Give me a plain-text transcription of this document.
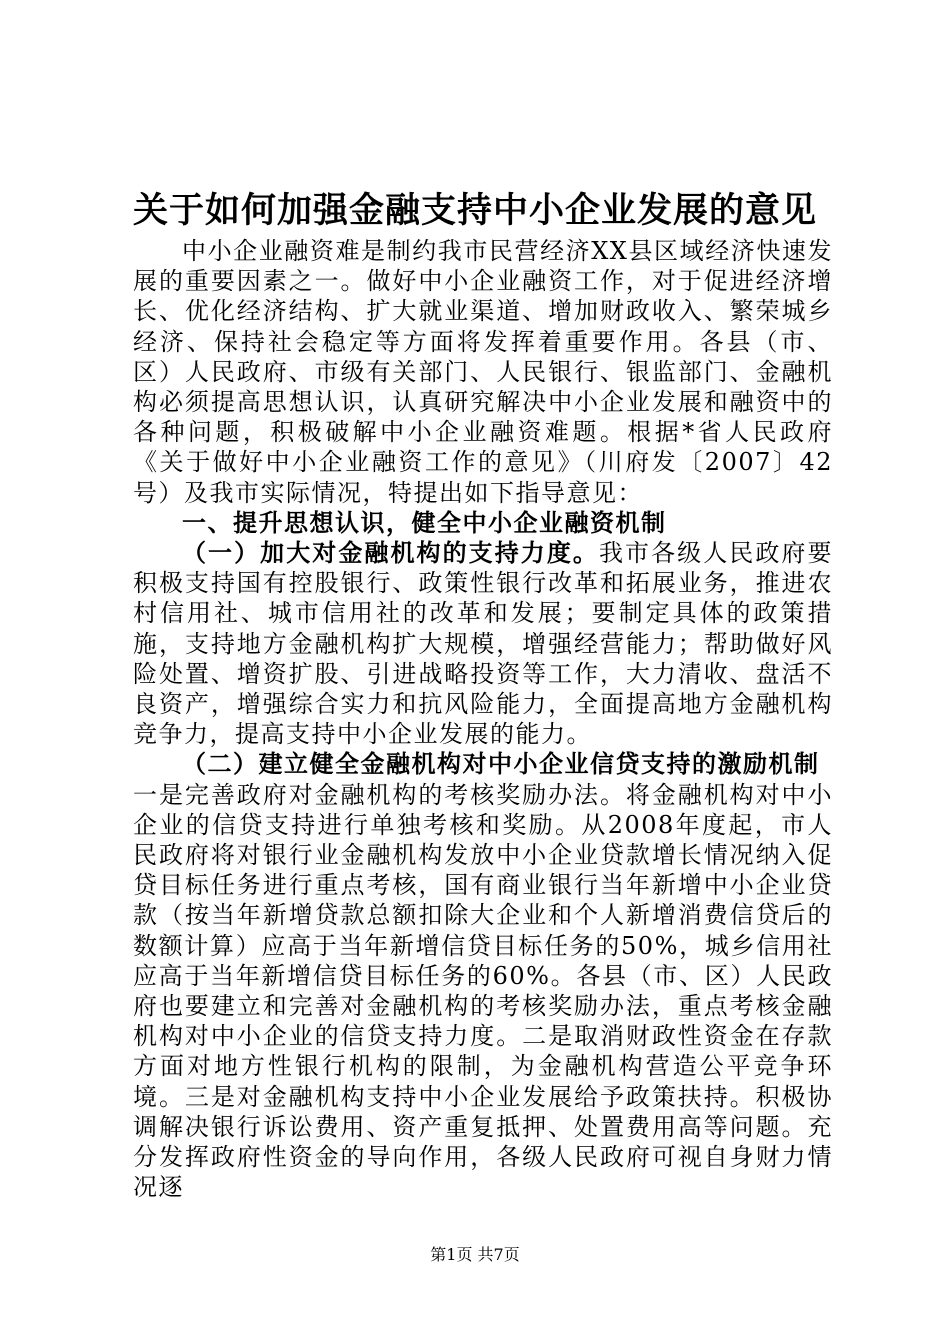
关于如何加强金融支持中小企业发展的意见

中小企业融资难是制约我市民营经济XX县区域经济快速发展的重要因素之一。做好中小企业融资工作，对于促进经济增长、优化经济结构、扩大就业渠道、增加财政收入、繁荣城乡经济、保持社会稳定等方面将发挥着重要作用。各县（市、区）人民政府、市级有关部门、人民银行、银监部门、金融机构必须提高思想认识，认真研究解决中小企业发展和融资中的各种问题，积极破解中小企业融资难题。根据*省人民政府《关于做好中小企业融资工作的意见》（川府发〔2007〕42号）及我市实际情况，特提出如下指导意见：

一、提升思想认识，健全中小企业融资机制

（一）加大对金融机构的支持力度。我市各级人民政府要积极支持国有控股银行、政策性银行改革和拓展业务，推进农村信用社、城市信用社的改革和发展；要制定具体的政策措施，支持地方金融机构扩大规模，增强经营能力；帮助做好风险处置、增资扩股、引进战略投资等工作，大力清收、盘活不良资产，增强综合实力和抗风险能力，全面提高地方金融机构竞争力，提高支持中小企业发展的能力。

（二）建立健全金融机构对中小企业信贷支持的激励机制

一是完善政府对金融机构的考核奖励办法。将金融机构对中小企业的信贷支持进行单独考核和奖励。从2008年度起，市人民政府将对银行业金融机构发放中小企业贷款增长情况纳入促贷目标任务进行重点考核，国有商业银行当年新增中小企业贷款（按当年新增贷款总额扣除大企业和个人新增消费信贷后的数额计算）应高于当年新增信贷目标任务的50%，城乡信用社应高于当年新增信贷目标任务的60%。各县（市、区）人民政府也要建立和完善对金融机构的考核奖励办法，重点考核金融机构对中小企业的信贷支持力度。二是取消财政性资金在存款方面对地方性银行机构的限制，为金融机构营造公平竞争环境。三是对金融机构支持中小企业发展给予政策扶持。积极协调解决银行诉讼费用、资产重复抵押、处置费用高等问题。充分发挥政府性资金的导向作用，各级人民政府可视自身财力情况逐

第1页 共7页
